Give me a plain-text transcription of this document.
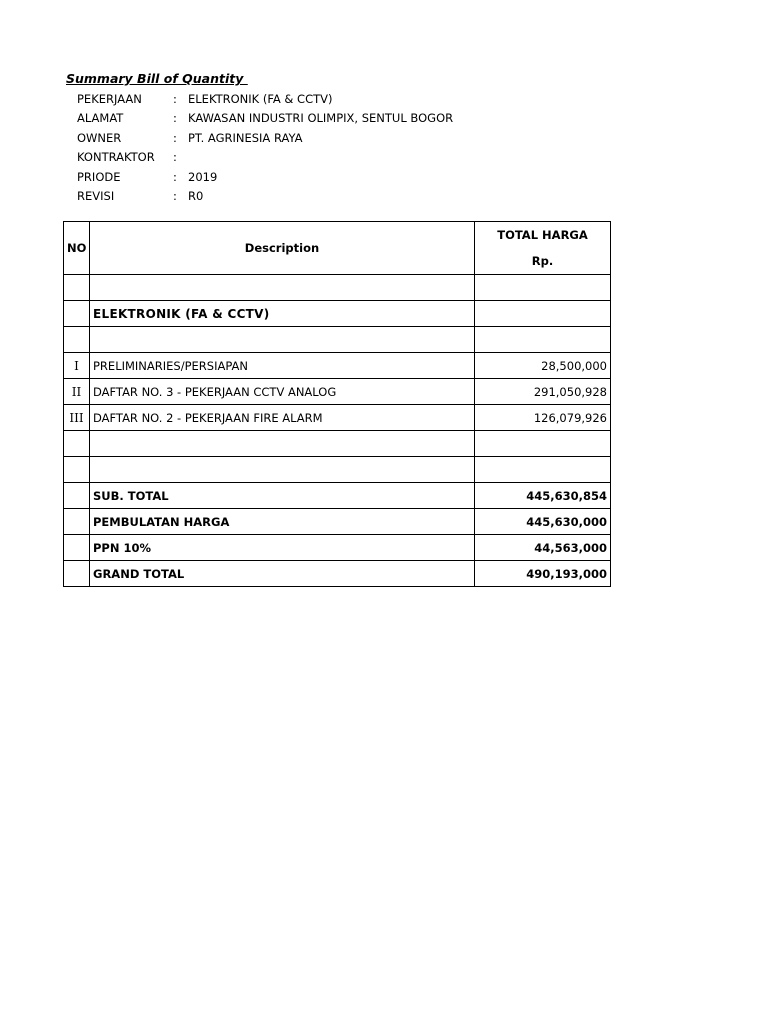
Summary Bill of Quantity
PEKERJAAN	: ELEKTRONIK (FA & CCTV)
ALAMAT	: KAWASAN INDUSTRI OLIMPIX, SENTUL BOGOR
OWNER	: PT. AGRINESIA RAYA
KONTRAKTOR	:
PRIODE	: 2019
REVISI	: R0
NO	Description	TOTAL HARGA
Rp.

	ELEKTRONIK (FA & CCTV)	

I	PRELIMINARIES/PERSIAPAN	28,500,000
II	DAFTAR NO. 3 - PEKERJAAN CCTV ANALOG	291,050,928
III	DAFTAR NO. 2 - PEKERJAAN FIRE ALARM	126,079,926

	SUB. TOTAL	445,630,854
	PEMBULATAN HARGA	445,630,000
	PPN 10%	44,563,000
	GRAND TOTAL	490,193,000
